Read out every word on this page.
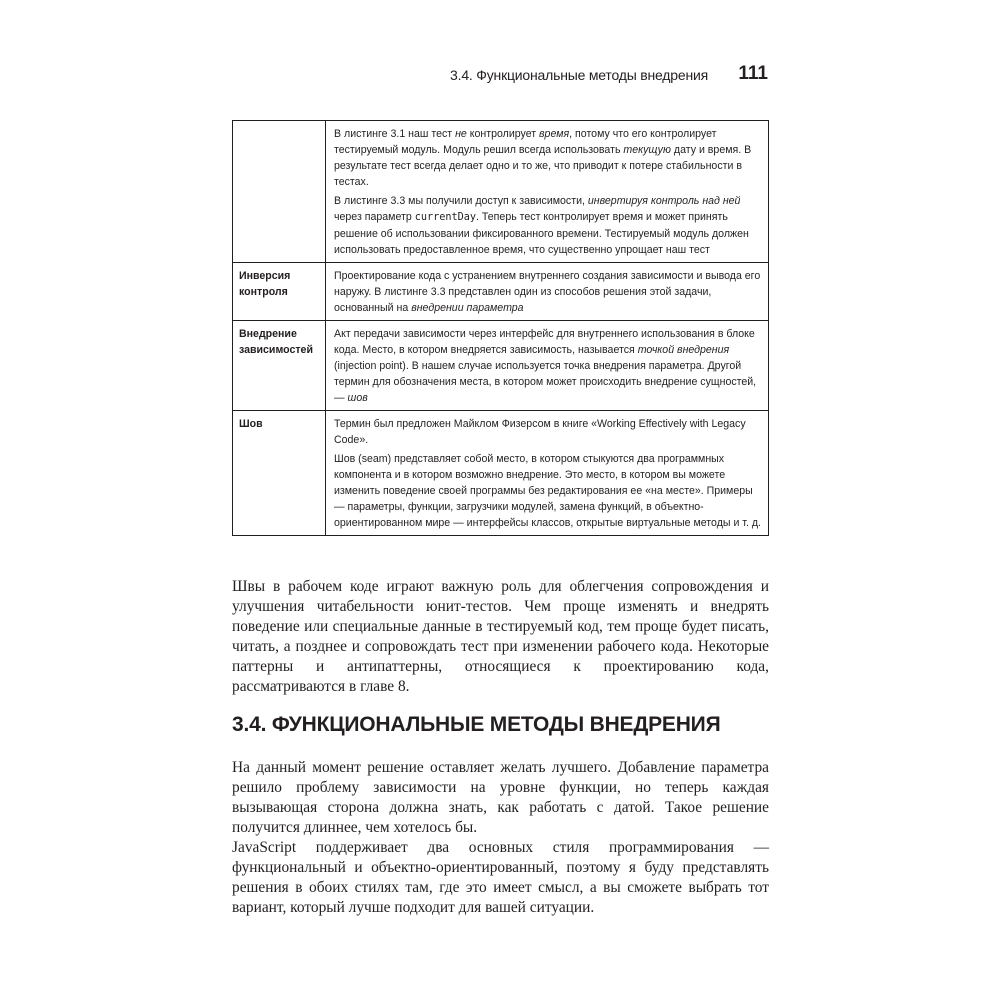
3.4. Функциональные методы внедрения 111

	В листинге 3.1 наш тест не контролирует время, потому что его контролирует тестируемый модуль. Модуль решил всегда использовать текущую дату и время. В результате тест всегда делает одно и то же, что приводит к потере стабильности в тестах.

В листинге 3.3 мы получили доступ к зависимости, инвертируя контроль над ней через параметр currentDay. Теперь тест контролирует время и может принять решение об использовании фиксированного времени. Тестируемый модуль должен использовать предоставленное время, что существенно упрощает наш тест

Инверсия
контроля	Проектирование кода с устранением внутреннего создания зависимости и вывода его наружу. В листинге 3.3 представлен один из способов решения этой задачи, основанный на внедрении параметра

Внедрение
зависимостей	Акт передачи зависимости через интерфейс для внутреннего использования в блоке кода. Место, в котором внедряется зависимость, называется точкой внедрения (injection point). В нашем случае используется точка внедрения параметра. Другой термин для обозначения места, в котором может происходить внедрение сущностей, — шов

Шов	Термин был предложен Майклом Физерсом в книге «Working Effectively with Legacy Code».

Шов (seam) представляет собой место, в котором стыкуются два программных компонента и в котором возможно внедрение. Это место, в котором вы можете изменить поведение своей программы без редактирования ее «на месте». Примеры — параметры, функции, загрузчики модулей, замена функций, в объектно-ориентированном мире — интерфейсы классов, открытые виртуальные методы и т. д.

Швы в рабочем коде играют важную роль для облегчения сопровождения и улучшения читабельности юнит-тестов. Чем проще изменять и внедрять поведение или специальные данные в тестируемый код, тем проще будет писать, читать, а позднее и сопровождать тест при изменении рабочего кода. Некоторые паттерны и антипаттерны, относящиеся к проектированию кода, рассматриваются в главе 8.

3.4. ФУНКЦИОНАЛЬНЫЕ МЕТОДЫ ВНЕДРЕНИЯ

На данный момент решение оставляет желать лучшего. Добавление параметра решило проблему зависимости на уровне функции, но теперь каждая вызывающая сторона должна знать, как работать с датой. Такое решение получится длиннее, чем хотелось бы.

JavaScript поддерживает два основных стиля программирования — функциональный и объектно-ориентированный, поэтому я буду представлять решения в обоих стилях там, где это имеет смысл, а вы сможете выбрать тот вариант, который лучше подходит для вашей ситуации.
